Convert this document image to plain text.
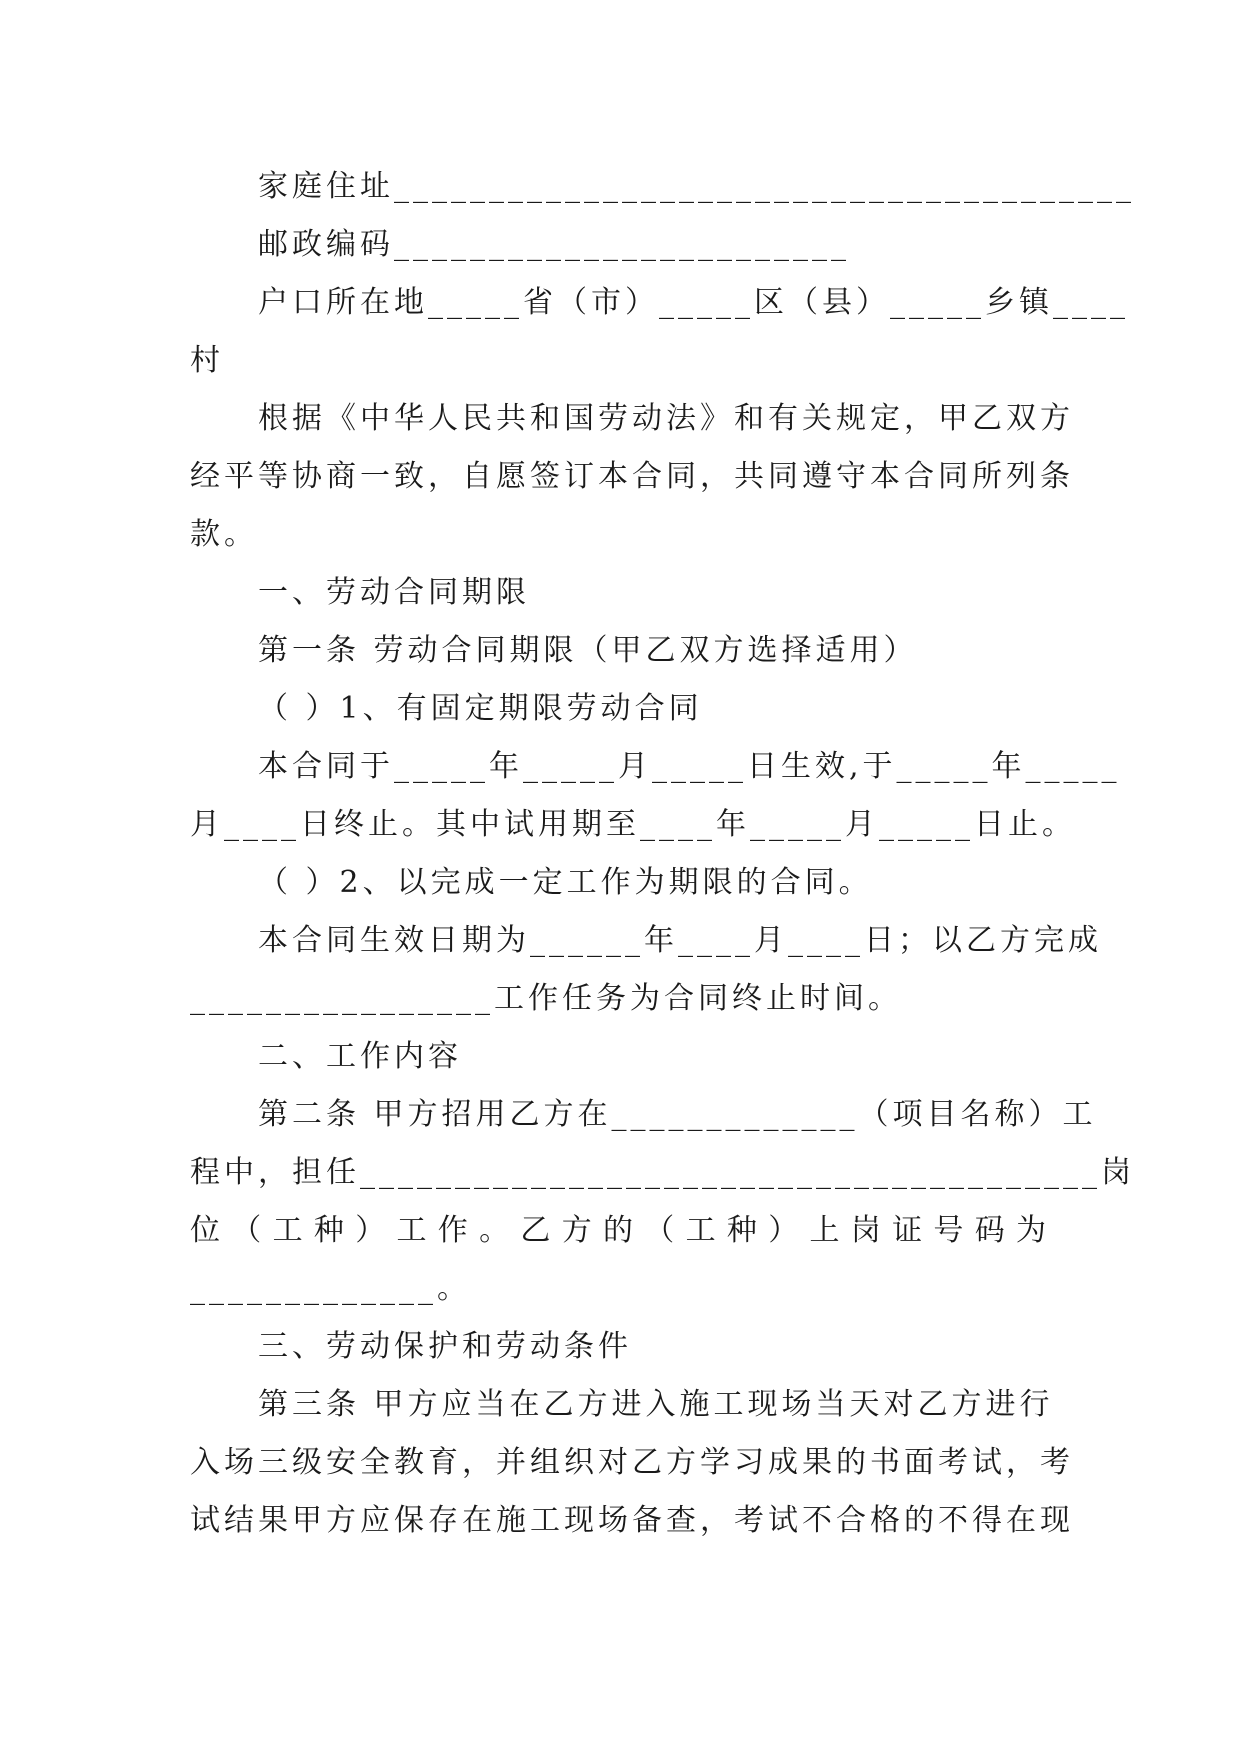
家庭住址_______________________________________

邮政编码________________________

户口所在地_____省（市）_____区（县）_____乡镇____

村

根据《中华人民共和国劳动法》和有关规定，甲乙双方

经平等协商一致，自愿签订本合同，共同遵守本合同所列条

款。

一、劳动合同期限

第一条 劳动合同期限（甲乙双方选择适用）

（ ）1、有固定期限劳动合同

本合同于_____年_____月_____日生效,于_____年_____

月____日终止。其中试用期至____年_____月_____日止。

（ ）2、以完成一定工作为期限的合同。

本合同生效日期为______年____月____日；以乙方完成

________________工作任务为合同终止时间。

二、工作内容

第二条 甲方招用乙方在_____________（项目名称）工

程中，担任_______________________________________岗

位（工种）工作。乙方的（工种）上岗证号码为

_____________。

三、劳动保护和劳动条件

第三条 甲方应当在乙方进入施工现场当天对乙方进行

入场三级安全教育，并组织对乙方学习成果的书面考试，考

试结果甲方应保存在施工现场备查，考试不合格的不得在现
